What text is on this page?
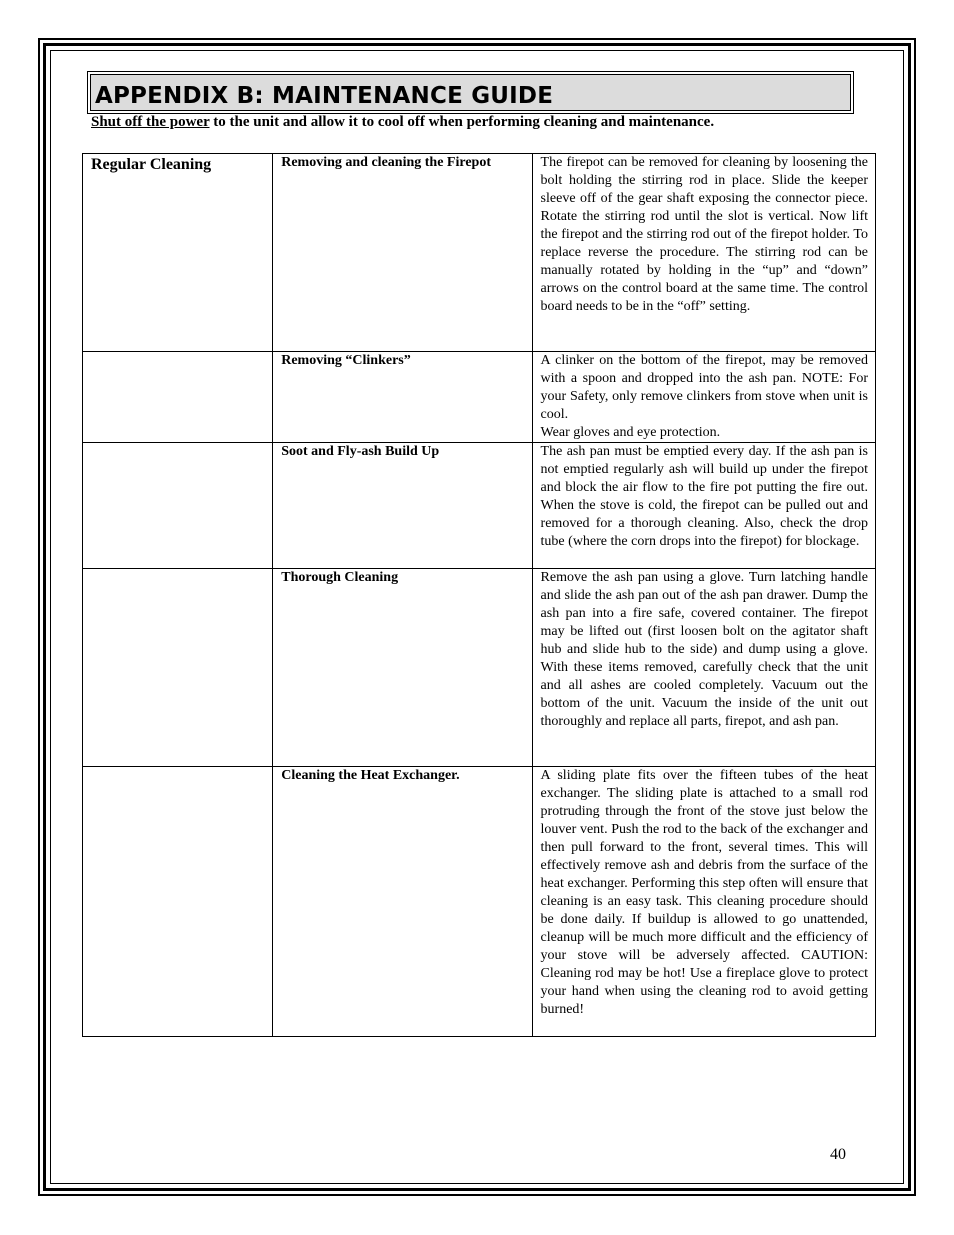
APPENDIX B: MAINTENANCE GUIDE
Shut off the power to the unit and allow it to cool off when performing cleaning and maintenance.
Regular Cleaning	Removing and cleaning the Firepot	The firepot can be removed for cleaning by loosening the bolt holding the stirring rod in place. Slide the keeper sleeve off of the gear shaft exposing the connector piece. Rotate the stirring rod until the slot is vertical. Now lift the firepot and the stirring rod out of the firepot holder. To replace reverse the procedure. The stirring rod can be manually rotated by holding in the “up” and “down” arrows on the control board at the same time. The control board needs to be in the “off” setting.
	Removing “Clinkers”	A clinker on the bottom of the firepot, may be removed with a spoon and dropped into the ash pan. NOTE: For your Safety, only remove clinkers from stove when unit is cool.
Wear gloves and eye protection.
	Soot and Fly-ash Build Up	The ash pan must be emptied every day. If the ash pan is not emptied regularly ash will build up under the firepot and block the air flow to the fire pot putting the fire out. When the stove is cold, the firepot can be pulled out and removed for a thorough cleaning. Also, check the drop tube (where the corn drops into the firepot) for blockage.
	Thorough Cleaning	Remove the ash pan using a glove. Turn latching handle and slide the ash pan out of the ash pan drawer. Dump the ash pan into a fire safe, covered container. The firepot may be lifted out (first loosen bolt on the agitator shaft hub and slide hub to the side) and dump using a glove. With these items removed, carefully check that the unit and all ashes are cooled completely. Vacuum out the bottom of the unit. Vacuum the inside of the unit out thoroughly and replace all parts, firepot, and ash pan.
	Cleaning the Heat Exchanger.	A sliding plate fits over the fifteen tubes of the heat exchanger. The sliding plate is attached to a small rod protruding through the front of the stove just below the louver vent. Push the rod to the back of the exchanger and then pull forward to the front, several times. This will effectively remove ash and debris from the surface of the heat exchanger. Performing this step often will ensure that cleaning is an easy task. This cleaning procedure should be done daily. If buildup is allowed to go unattended, cleanup will be much more difficult and the efficiency of your stove will be adversely affected. CAUTION: Cleaning rod may be hot! Use a fireplace glove to protect your hand when using the cleaning rod to avoid getting burned!
40
